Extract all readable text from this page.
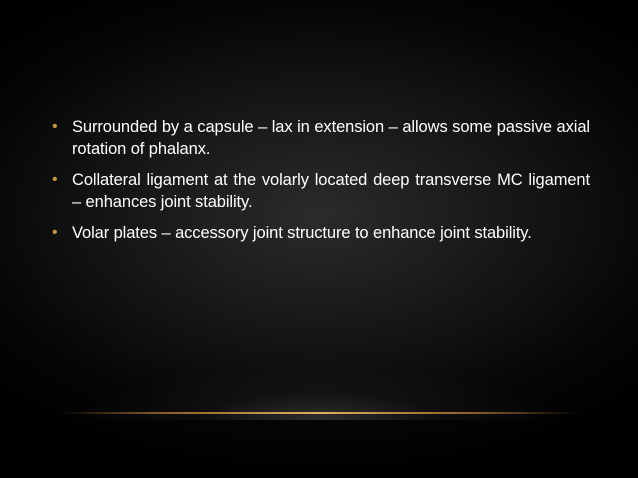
• Surrounded by a capsule – lax in extension – allows some passive axial rotation of phalanx.
• Collateral ligament at the volarly located deep transverse MC ligament – enhances joint stability.
• Volar plates – accessory joint structure to enhance joint stability.
